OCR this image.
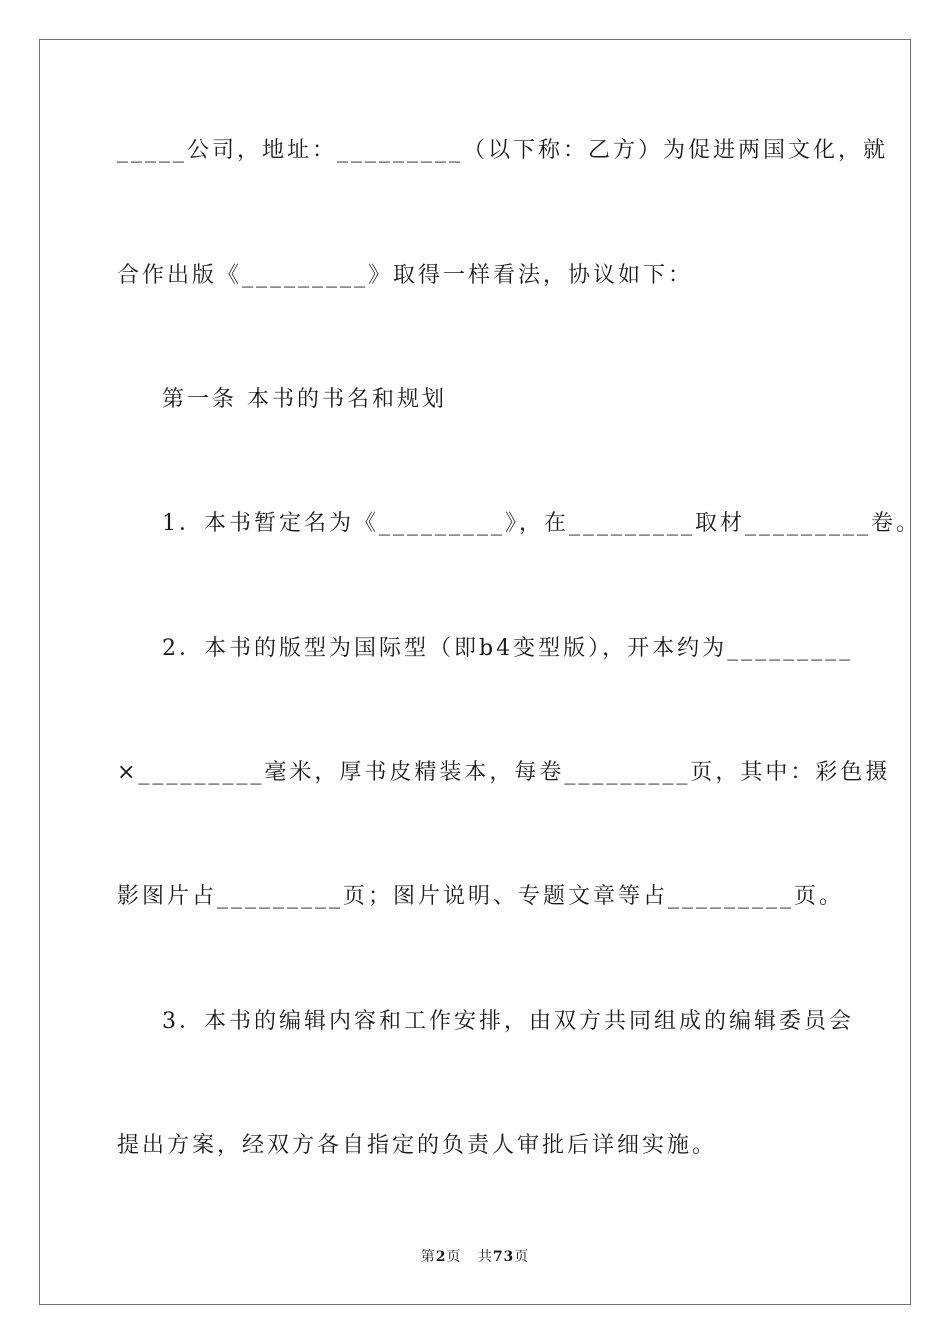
_____公司，地址：_________（以下称：乙方）为促进两国文化，就
合作出版《_________》取得一样看法，协议如下：
第一条 本书的书名和规划
1．本书暂定名为《_________》，在_________取材_________卷。
2．本书的版型为国际型（即b4变型版），开本约为_________
×_________毫米，厚书皮精装本，每卷_________页，其中：彩色摄
影图片占_________页；图片说明、专题文章等占_________页。
3．本书的编辑内容和工作安排，由双方共同组成的编辑委员会
提出方案，经双方各自指定的负责人审批后详细实施。
第2页 共73页
